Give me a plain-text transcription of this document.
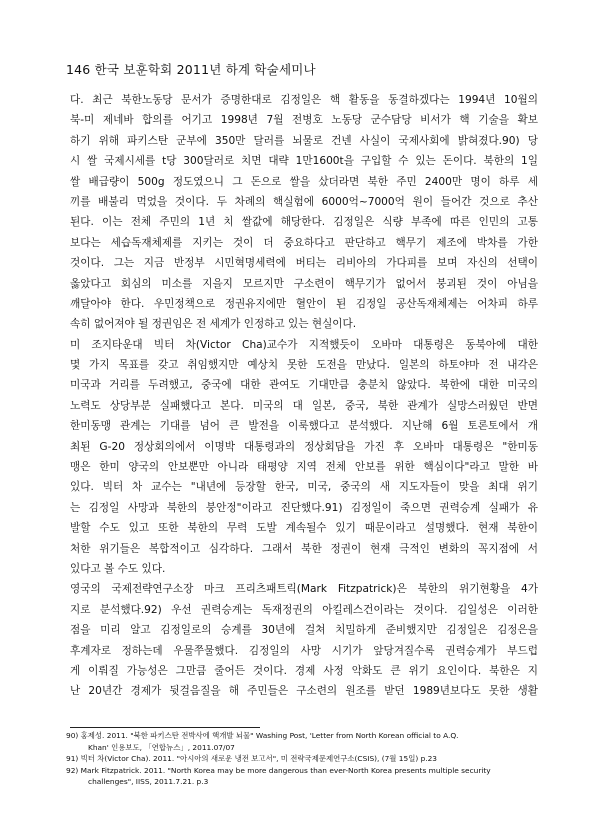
146 한국 보훈학회 2011년 하계 학술세미나
다. 최근 북한노동당 문서가 증명한대로 김정일은 핵 활동을 동결하겠다는 1994년 10월의
북-미 제네바 합의를 어기고 1998년 7월 전병호 노동당 군수담당 비서가 핵 기술을 확보
하기 위해 파키스탄 군부에 350만 달러를 뇌물로 건넨 사실이 국제사회에 밝혀졌다.90) 당
시 쌀 국제시세를 t당 300달러로 치면 대략 1만1600t을 구입할 수 있는 돈이다. 북한의 1일
쌀 배급량이 500g 정도였으니 그 돈으로 쌀을 샀더라면 북한 주민 2400만 명이 하루 세
끼를 배불리 먹었을 것이다. 두 차례의 핵실험에 6000억~7000억 원이 들어간 것으로 추산
된다. 이는 전체 주민의 1년 치 쌀값에 해당한다. 김정일은 식량 부족에 따른 인민의 고통
보다는 세습독재체제를 지키는 것이 더 중요하다고 판단하고 핵무기 제조에 박차를 가한
것이다. 그는 지금 반정부 시민혁명세력에 버티는 리비아의 가다피를 보며 자신의 선택이
옳았다고 회심의 미소를 지을지 모르지만 구소련이 핵무기가 없어서 붕괴된 것이 아님을
깨달아야 한다. 우민정책으로 정권유지에만 혈안이 된 김정일 공산독재체제는 어차피 하루
속히 없어져야 될 정권임은 전 세계가 인정하고 있는 현실이다.
미 조지타운대 빅터 차(Victor Cha)교수가 지적했듯이 오바마 대통령은 동북아에 대한
몇 가지 목표를 갖고 취임했지만 예상치 못한 도전을 만났다. 일본의 하토야마 전 내각은
미국과 거리를 두려했고, 중국에 대한 관여도 기대만큼 충분치 않았다. 북한에 대한 미국의
노력도 상당부분 실패했다고 본다. 미국의 대 일본, 중국, 북한 관계가 실망스러웠던 반면
한미동맹 관계는 기대를 넘어 큰 발전을 이룩했다고 분석했다. 지난해 6월 토론토에서 개
최된 G-20 정상회의에서 이명박 대통령과의 정상회담을 가진 후 오바마 대통령은 "한미동
맹은 한미 양국의 안보뿐만 아니라 태평양 지역 전체 안보를 위한 핵심이다"라고 말한 바
있다. 빅터 차 교수는 "내년에 등장할 한국, 미국, 중국의 새 지도자들이 맞을 최대 위기
는 김정일 사망과 북한의 붕안정"이라고 진단했다.91) 김정일이 죽으면 권력승계 실패가 유
발할 수도 있고 또한 북한의 무력 도발 계속될수 있기 때문이라고 설명했다. 현재 북한이
처한 위기들은 복합적이고 심각하다. 그래서 북한 정권이 현재 극적인 변화의 꼭지점에 서
있다고 볼 수도 있다.
영국의 국제전략연구소장 마크 프리츠패트릭(Mark Fitzpatrick)은 북한의 위기현황을 4가
지로 분석했다.92) 우선 권력승계는 독재정권의 아킬레스건이라는 것이다. 김일성은 이러한
점을 미리 알고 김정일로의 승계를 30년에 걸쳐 치밀하게 준비했지만 김정일은 김정은을
후계자로 정하는데 우물쭈물했다. 김정일의 사망 시기가 앞당겨질수록 권력승계가 부드럽
게 이뤄질 가능성은 그만큼 줄어든 것이다. 경제 사정 악화도 큰 위기 요인이다. 북한은 지
난 20년간 경제가 뒷걸음질을 해 주민들은 구소련의 원조를 받던 1989년보다도 못한 생활
90) 홍제성. 2011. "북한 파키스탄 전박사에 핵개발 뇌물" Washing Post, 'Letter from North Korean official to A.Q.
Khan' 인용보도, 「연합뉴스」, 2011.07/07
91) 빅터 차(Victor Cha). 2011. "아시아의 새로운 냉전 보고서", 미 전략국제문제연구소(CSIS), (7월 15일) p.23
92) Mark Fitzpatrick. 2011. "North Korea may be more dangerous than ever-North Korea presents multiple security
challenges", IISS, 2011.7.21. p.3
